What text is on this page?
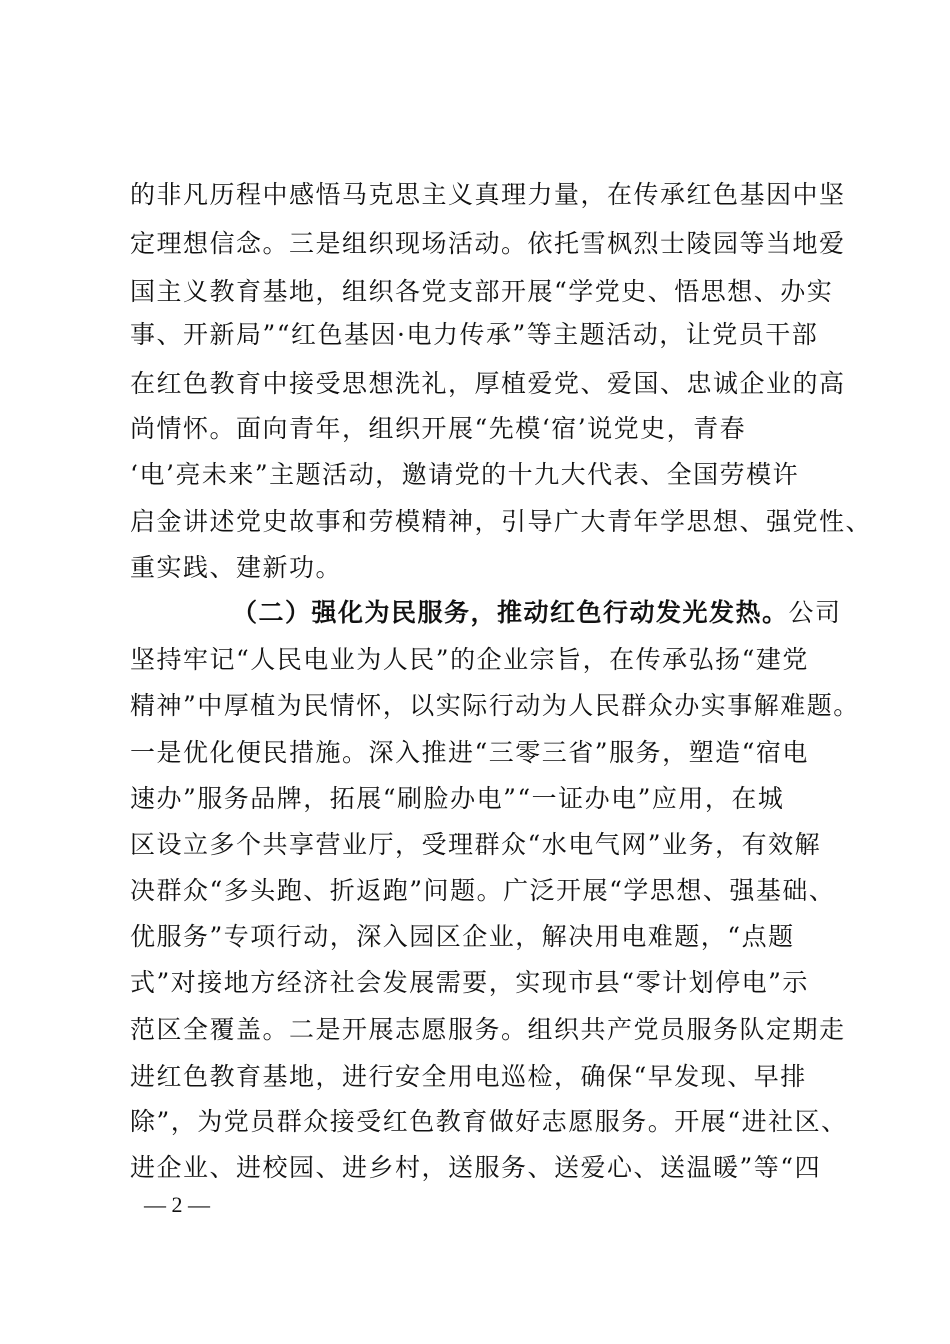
的非凡历程中感悟马克思主义真理力量，在传承红色基因中坚
定理想信念。三是组织现场活动。依托雪枫烈士陵园等当地爱
国主义教育基地，组织各党支部开展“学党史、悟思想、办实
事、开新局”“红色基因·电力传承”等主题活动，让党员干部
在红色教育中接受思想洗礼，厚植爱党、爱国、忠诚企业的高
尚情怀。面向青年，组织开展“先模‘宿’说党史，青春
‘电’亮未来”主题活动，邀请党的十九大代表、全国劳模许
启金讲述党史故事和劳模精神，引导广大青年学思想、强党性、
重实践、建新功。
（二）强化为民服务，推动红色行动发光发热。公司
坚持牢记“人民电业为人民”的企业宗旨，在传承弘扬“建党
精神”中厚植为民情怀，以实际行动为人民群众办实事解难题。
一是优化便民措施。深入推进“三零三省”服务，塑造“宿电
速办”服务品牌，拓展“刷脸办电”“一证办电”应用，在城
区设立多个共享营业厅，受理群众“水电气网”业务，有效解
决群众“多头跑、折返跑”问题。广泛开展“学思想、强基础、
优服务”专项行动，深入园区企业，解决用电难题，“点题
式”对接地方经济社会发展需要，实现市县“零计划停电”示
范区全覆盖。二是开展志愿服务。组织共产党员服务队定期走
进红色教育基地，进行安全用电巡检，确保“早发现、早排
除”，为党员群众接受红色教育做好志愿服务。开展“进社区、
进企业、进校园、进乡村，送服务、送爱心、送温暖”等“四
— 2 —
